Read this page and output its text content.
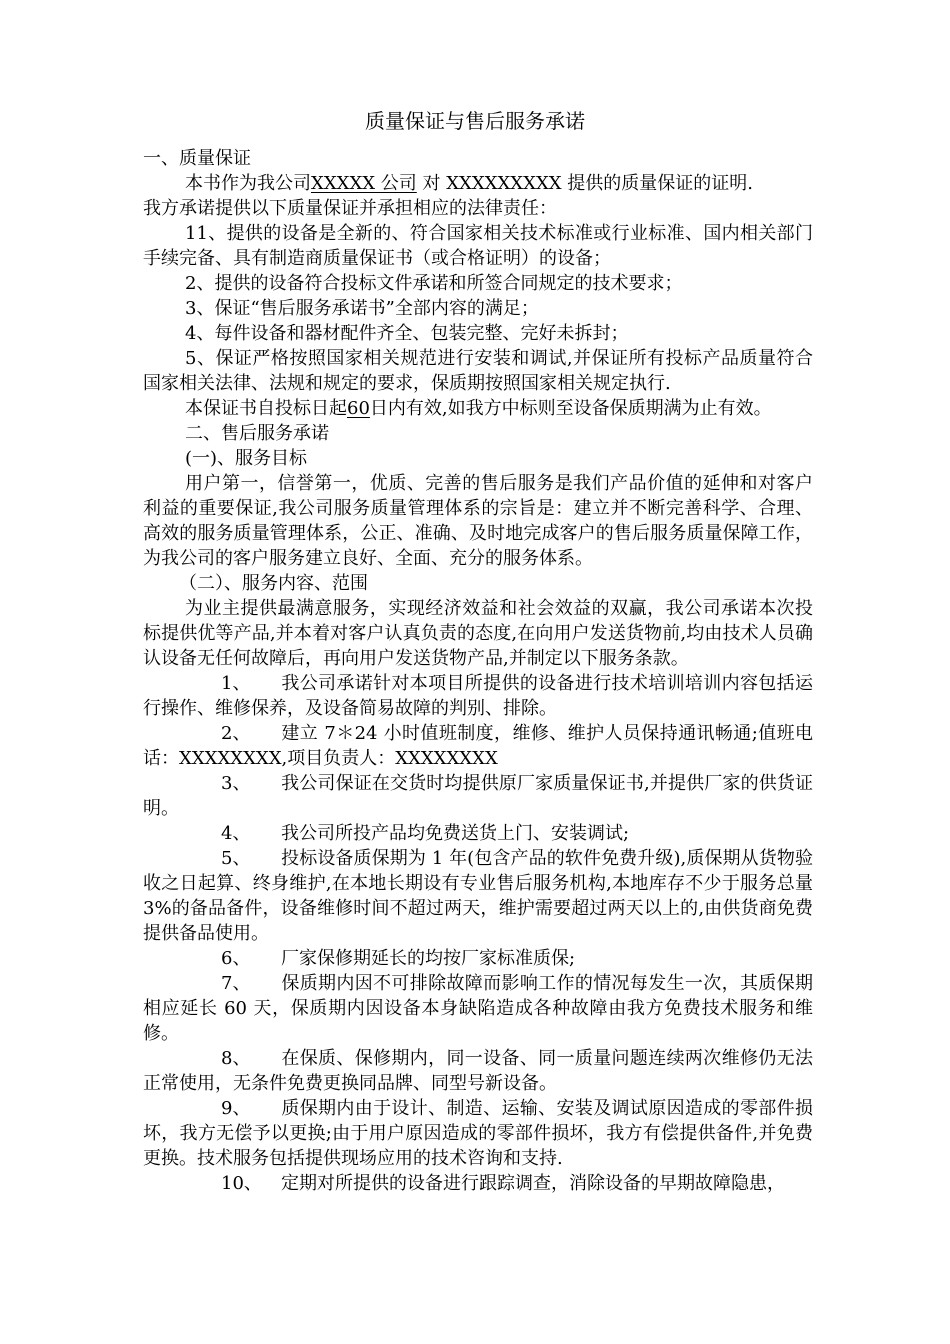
质量保证与售后服务承诺

一、质量保证

本书作为我公司XXXXX 公司 对 XXXXXXXXX 提供的质量保证的证明.

我方承诺提供以下质量保证并承担相应的法律责任：

11、提供的设备是全新的、符合国家相关技术标准或行业标准、国内相关部门手续完备、具有制造商质量保证书（或合格证明）的设备；

2、提供的设备符合投标文件承诺和所签合同规定的技术要求；

3、保证“售后服务承诺书”全部内容的满足；

4、每件设备和器材配件齐全、包装完整、完好未拆封；

5、保证严格按照国家相关规范进行安装和调试,并保证所有投标产品质量符合国家相关法律、法规和规定的要求，保质期按照国家相关规定执行.

本保证书自投标日起60日内有效,如我方中标则至设备保质期满为止有效。

二、售后服务承诺

(一)、服务目标

用户第一，信誉第一，优质、完善的售后服务是我们产品价值的延伸和对客户利益的重要保证,我公司服务质量管理体系的宗旨是：建立并不断完善科学、合理、高效的服务质量管理体系，公正、准确、及时地完成客户的售后服务质量保障工作，为我公司的客户服务建立良好、全面、充分的服务体系。

（二）、服务内容、范围

为业主提供最满意服务，实现经济效益和社会效益的双赢，我公司承诺本次投标提供优等产品,并本着对客户认真负责的态度,在向用户发送货物前,均由技术人员确认设备无任何故障后，再向用户发送货物产品,并制定以下服务条款。

1、 我公司承诺针对本项目所提供的设备进行技术培训培训内容包括运行操作、维修保养，及设备简易故障的判别、排除。

2、 建立 7＊24 小时值班制度，维修、维护人员保持通讯畅通;值班电话：XXXXXXXX,项目负责人：XXXXXXXX

3、 我公司保证在交货时均提供原厂家质量保证书,并提供厂家的供货证明。

4、 我公司所投产品均免费送货上门、安装调试;

5、 投标设备质保期为 1 年(包含产品的软件免费升级),质保期从货物验收之日起算、终身维护,在本地长期设有专业售后服务机构,本地库存不少于服务总量 3%的备品备件，设备维修时间不超过两天，维护需要超过两天以上的,由供货商免费提供备品使用。

6、 厂家保修期延长的均按厂家标准质保;

7、 保质期内因不可排除故障而影响工作的情况每发生一次，其质保期相应延长 60 天，保质期内因设备本身缺陷造成各种故障由我方免费技术服务和维修。

8、 在保质、保修期内，同一设备、同一质量问题连续两次维修仍无法正常使用，无条件免费更换同品牌、同型号新设备。

9、 质保期内由于设计、制造、运输、安装及调试原因造成的零部件损坏，我方无偿予以更换;由于用户原因造成的零部件损坏，我方有偿提供备件,并免费更换。技术服务包括提供现场应用的技术咨询和支持.

10、 定期对所提供的设备进行跟踪调查，消除设备的早期故障隐患，
